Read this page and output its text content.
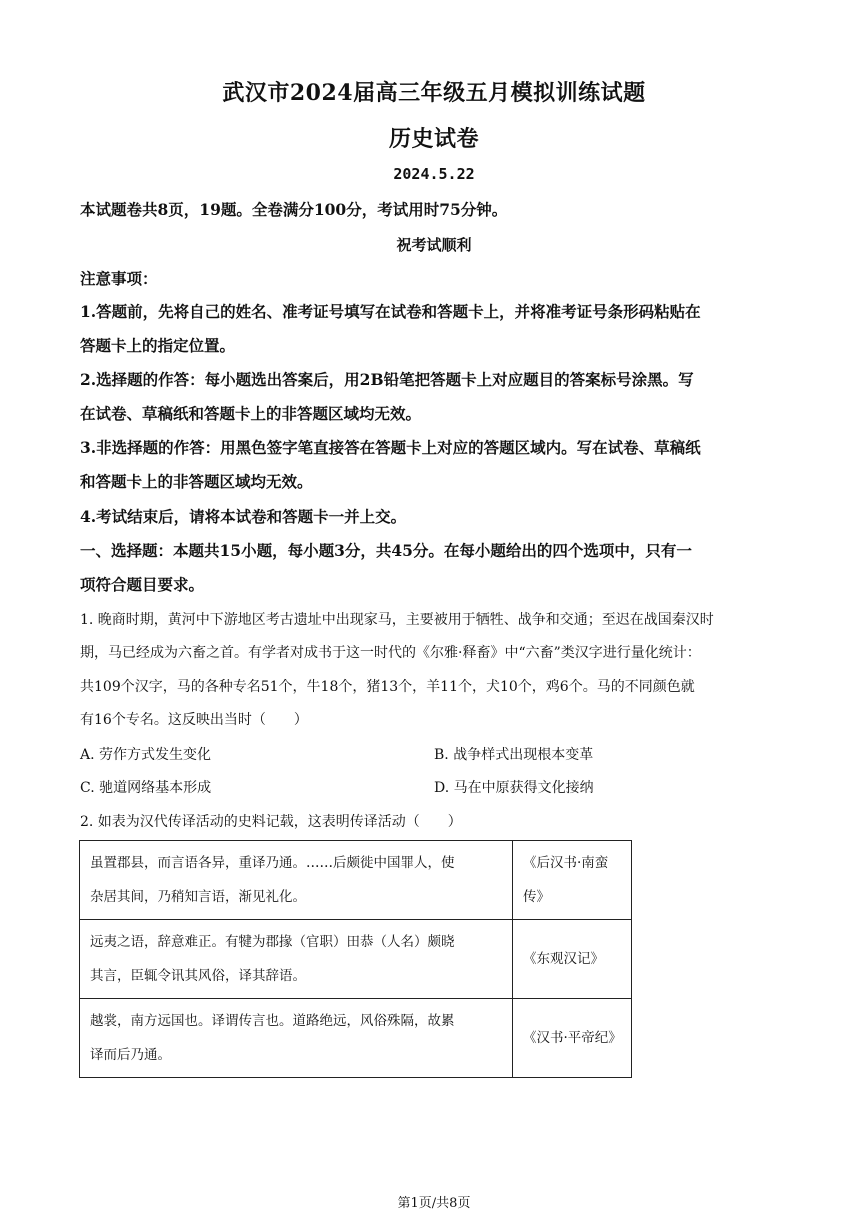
武汉市2024届高三年级五月模拟训练试题
历史试卷
2024.5.22
本试题卷共8页，19题。全卷满分100分，考试用时75分钟。
祝考试顺利
注意事项：
1.答题前，先将自己的姓名、准考证号填写在试卷和答题卡上，并将准考证号条形码粘贴在
答题卡上的指定位置。
2.选择题的作答：每小题选出答案后，用2B铅笔把答题卡上对应题目的答案标号涂黑。写
在试卷、草稿纸和答题卡上的非答题区域均无效。
3.非选择题的作答：用黑色签字笔直接答在答题卡上对应的答题区域内。写在试卷、草稿纸
和答题卡上的非答题区域均无效。
4.考试结束后，请将本试卷和答题卡一并上交。
一、选择题：本题共15小题，每小题3分，共45分。在每小题给出的四个选项中，只有一
项符合题目要求。
1. 晚商时期，黄河中下游地区考古遗址中出现家马，主要被用于牺牲、战争和交通；至迟在战国秦汉时
期，马已经成为六畜之首。有学者对成书于这一时代的《尔雅·释畜》中“六畜”类汉字进行量化统计：
共109个汉字，马的各种专名51个，牛18个，猪13个，羊11个，犬10个，鸡6个。马的不同颜色就
有16个专名。这反映出当时（　　）
A. 劳作方式发生变化	B. 战争样式出现根本变革
C. 驰道网络基本形成	D. 马在中原获得文化接纳
2. 如表为汉代传译活动的史料记载，这表明传译活动（　　）
虽置郡县，而言语各异，重译乃通。……后颇徙中国罪人，使
杂居其间，乃稍知言语，渐见礼化。	《后汉书·南蛮传》

远夷之语，辞意难正。有犍为郡掾（官职）田恭（人名）颇晓
其言，臣辄令讯其风俗，译其辞语。	《东观汉记》

越裳，南方远国也。译谓传言也。道路绝远，风俗殊隔，故累
译而后乃通。	《汉书·平帝纪》
第1页/共8页
